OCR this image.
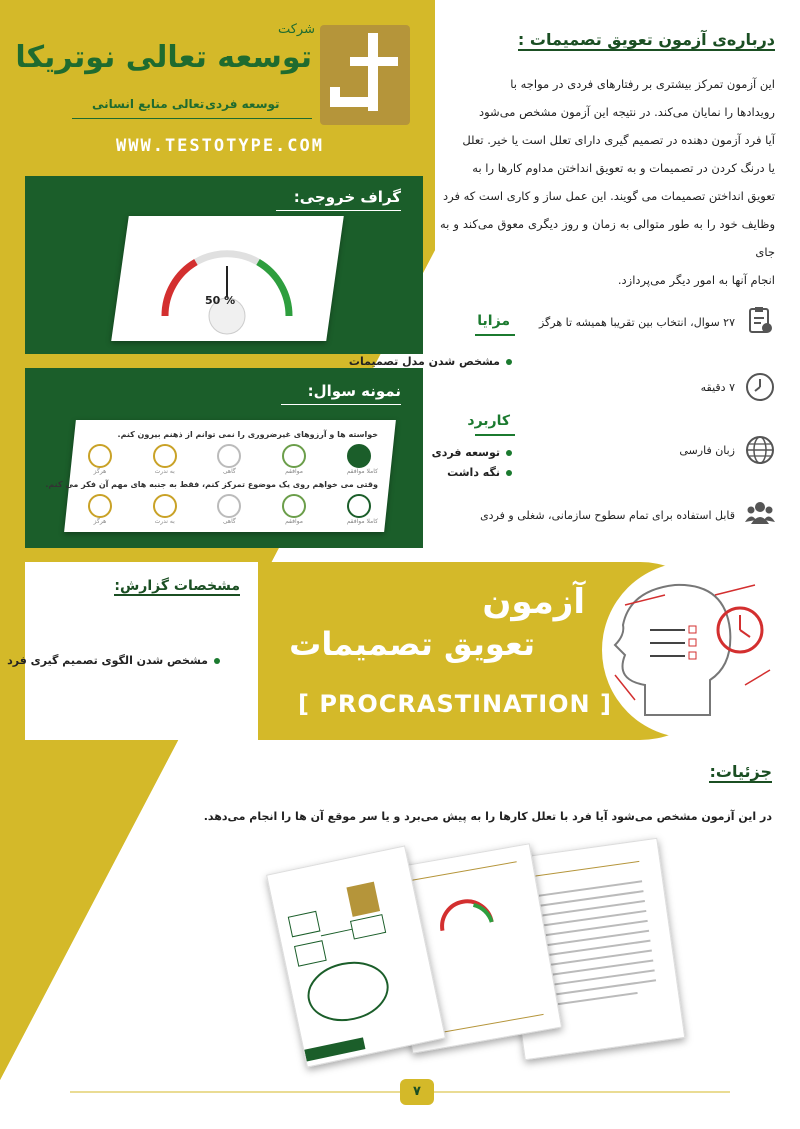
شرکت
توسعه تعالی نوتریکا
تعالی منابع انسانی توسعه فردی
WWW.TESTOTYPE.COM
گراف خروجی:
50 %
نمونه سوال:
خواسته ها و آرزوهای غیرضروری را نمی توانم از ذهنم بیرون کنم.
کاملا موافقم
موافقم
گاهی
به ندرت
هرگز
وقتی می خواهم روی یک موضوع تمرکز کنم، فقط به جنبه های مهم آن فکر می کنم.
کاملا موافقم
موافقم
گاهی
به ندرت
هرگز
مشخصات گزارش:
مشخص شدن الگوی تصمیم گیری فرد
درباره‌ی آزمون تعویق تصمیمات :
این آزمون تمرکز بیشتری بر رفتارهای فردی در مواجه با
رویدادها را نمایان می‌کند. در نتیجه این آزمون مشخص می‌شود
آیا فرد آزمون دهنده در تصمیم گیری دارای تعلل است یا خیر. تعلل
یا درنگ کردن در تصمیمات و به تعویق انداختن مداوم کارها را به
تعویق انداختن تصمیمات می گویند. این عمل ساز و کاری است که فرد
وظایف خود را به طور متوالی به زمان و روز دیگری معوق می‌کند و به جای
انجام آنها به امور دیگر می‌پردازد.
مزایا
مشخص شدن مدل تصمیمات
کاربرد
توسعه فردی
نگه داشت
۲۷ سوال، انتخاب بین تقریبا همیشه تا هرگز
۷ دقیقه
زبان فارسی
قابل استفاده برای تمام سطوح سازمانی، شغلی و فردی
آزمون
تعویق تصمیمات
[ PROCRASTINATION ]
جزئیات:
در این آزمون مشخص می‌شود آیا فرد با تعلل کارها را به پیش می‌برد و یا سر موقع آن ها را انجام می‌دهد.
۷
